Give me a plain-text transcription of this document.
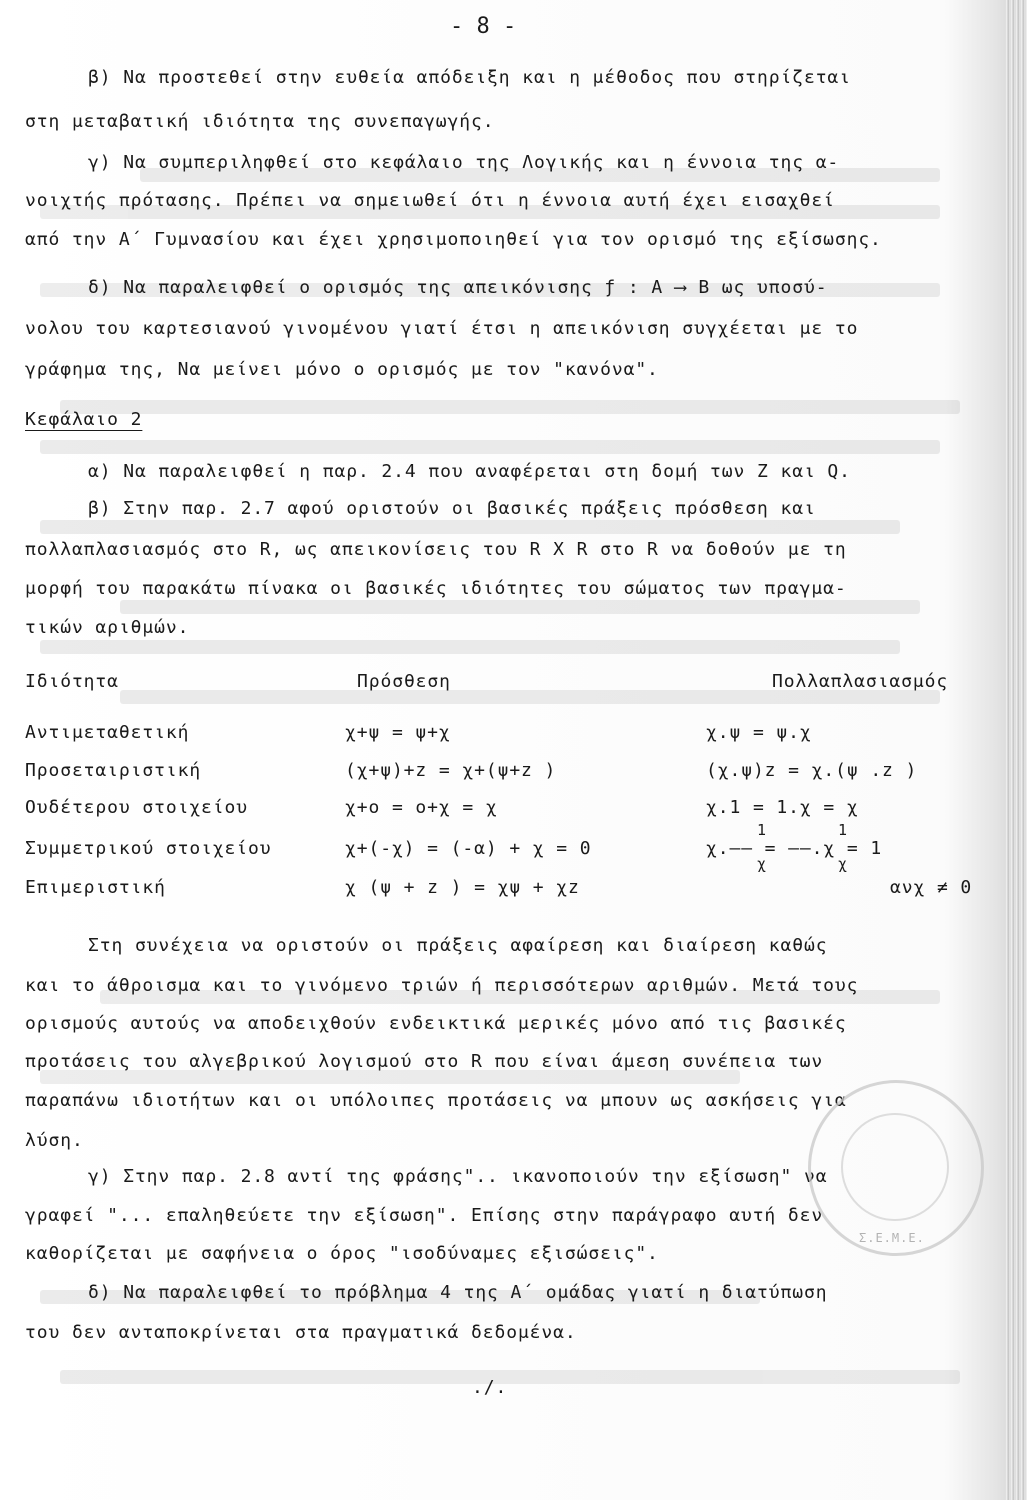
- 8 -
β) Να προστεθεί στην ευθεία απόδειξη και η μέθοδος που στηρίζεται
στη μεταβατική ιδιότητα της συνεπαγωγής.
γ) Να συμπεριληφθεί στο κεφάλαιο της Λογικής και η έννοια της α-
νοιχτής πρότασης. Πρέπει να σημειωθεί ότι η έννοια αυτή έχει εισαχθεί
από την Α΄ Γυμνασίου και έχει χρησιμοποιηθεί για τον ορισμό της εξίσωσης.
δ) Να παραλειφθεί ο ορισμός της απεικόνισης ƒ : Α ⟶ Β ως υποσύ-
νολου του καρτεσιανού γινομένου γιατί έτσι η απεικόνιση συγχέεται με το
γράφημα της, Να μείνει μόνο ο ορισμός με τον "κανόνα".
Κεφάλαιο 2
α) Να παραλειφθεί η παρ. 2.4 που αναφέρεται στη δομή των Ζ και Q.
β) Στην παρ. 2.7 αφού οριστούν οι βασικές πράξεις πρόσθεση και
πολλαπλασιασμός στο R, ως απεικονίσεις του R X R στο R να δοθούν με τη
μορφή του παρακάτω πίνακα οι βασικές ιδιότητες του σώματος των πραγμα-
τικών αριθμών.
Ιδιότητα	Πρόσθεση	Πολλαπλασιασμός
Αντιμεταθετική	χ+ψ = ψ+χ	χ.ψ = ψ.χ
Προσεταιριστική	(χ+ψ)+z = χ+(ψ+z )	(χ.ψ)z = χ.(ψ .z )
Ουδέτερου στοιχείου	χ+ο = ο+χ = χ	χ.1 = 1.χ = χ
Συμμετρικού στοιχείου	χ+(-χ) = (-α) + χ = 0	χ.―― = ――.χ = 1
1
χ
1
χ
Επιμεριστική	χ (ψ + z ) = χψ + χz	ανχ ≠ 0
Στη συνέχεια να οριστούν οι πράξεις αφαίρεση και διαίρεση καθώς
και το άθροισμα και το γινόμενο τριών ή περισσότερων αριθμών. Μετά τους
ορισμούς αυτούς να αποδειχθούν ενδεικτικά μερικές μόνο από τις βασικές
προτάσεις του αλγεβρικού λογισμού στο R που είναι άμεση συνέπεια των
παραπάνω ιδιοτήτων και οι υπόλοιπες προτάσεις να μπουν ως ασκήσεις για
λύση.
γ) Στην παρ. 2.8 αντί της φράσης".. ικανοποιούν την εξίσωση" να
γραφεί "... επαληθεύετε την εξίσωση". Επίσης στην παράγραφο αυτή δεν
καθορίζεται με σαφήνεια ο όρος "ισοδύναμες εξισώσεις".
δ) Να παραλειφθεί το πρόβλημα 4 της Α΄ ομάδας γιατί η διατύπωση
του δεν ανταποκρίνεται στα πραγματικά δεδομένα.
./.
Σ.Ε.Μ.Ε.
